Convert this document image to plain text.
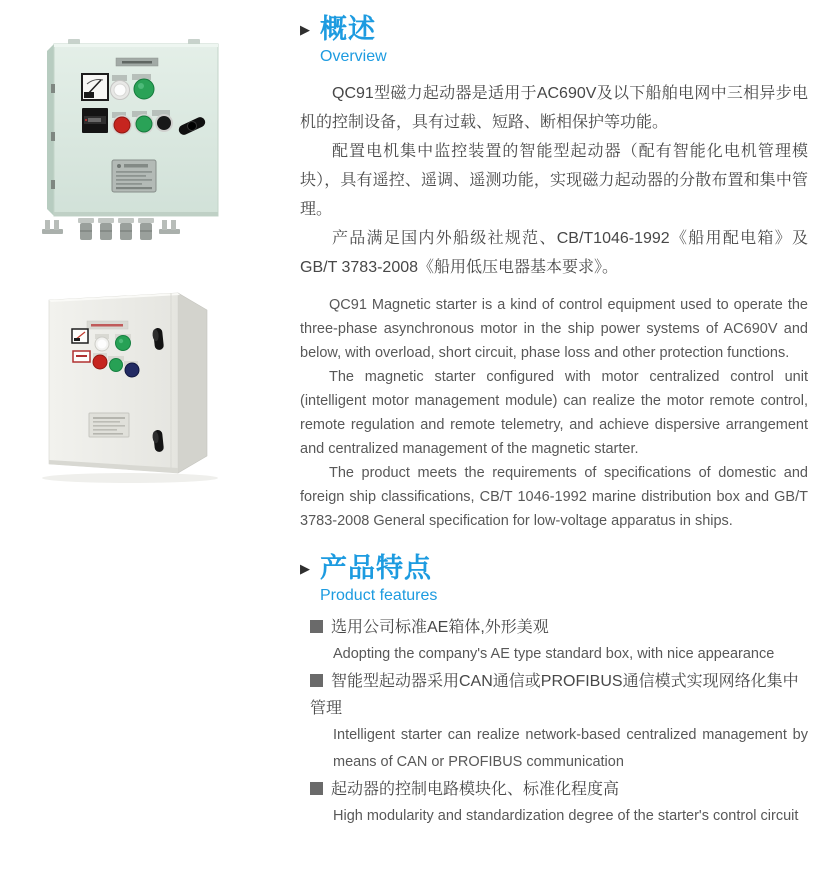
▶ 概述
Overview

QC91型磁力起动器是适用于AC690V及以下船舶电网中三相异步电机的控制设备，具有过载、短路、断相保护等功能。

配置电机集中监控装置的智能型起动器（配有智能化电机管理模块），具有遥控、遥调、遥测功能，实现磁力起动器的分散布置和集中管理。

产品满足国内外船级社规范、CB/T1046-1992《船用配电箱》及GB/T 3783-2008《船用低压电器基本要求》。

QC91 Magnetic starter is a kind of control equipment used to operate the three-phase asynchronous motor in the ship power systems of AC690V and below, with overload, short circuit, phase loss and other protection functions.

The magnetic starter configured with motor centralized control unit (intelligent motor management module) can realize the motor remote control, remote regulation and remote telemetry, and achieve dispersive arrangement and centralized management of the magnetic starter.

The product meets the requirements of specifications of domestic and foreign ship classifications, CB/T 1046-1992 marine distribution box and GB/T 3783-2008 General specification for low-voltage apparatus in ships.

▶ 产品特点
Product features
选用公司标准AE箱体,外形美观
Adopting the company's AE type standard box, with nice appearance
智能型起动器采用CAN通信或PROFIBUS通信模式实现网络化集中管理
Intelligent starter can realize network-based centralized management by means of CAN or PROFIBUS communication
起动器的控制电路模块化、标准化程度高
High modularity and standardization degree of the starter's control circuit
